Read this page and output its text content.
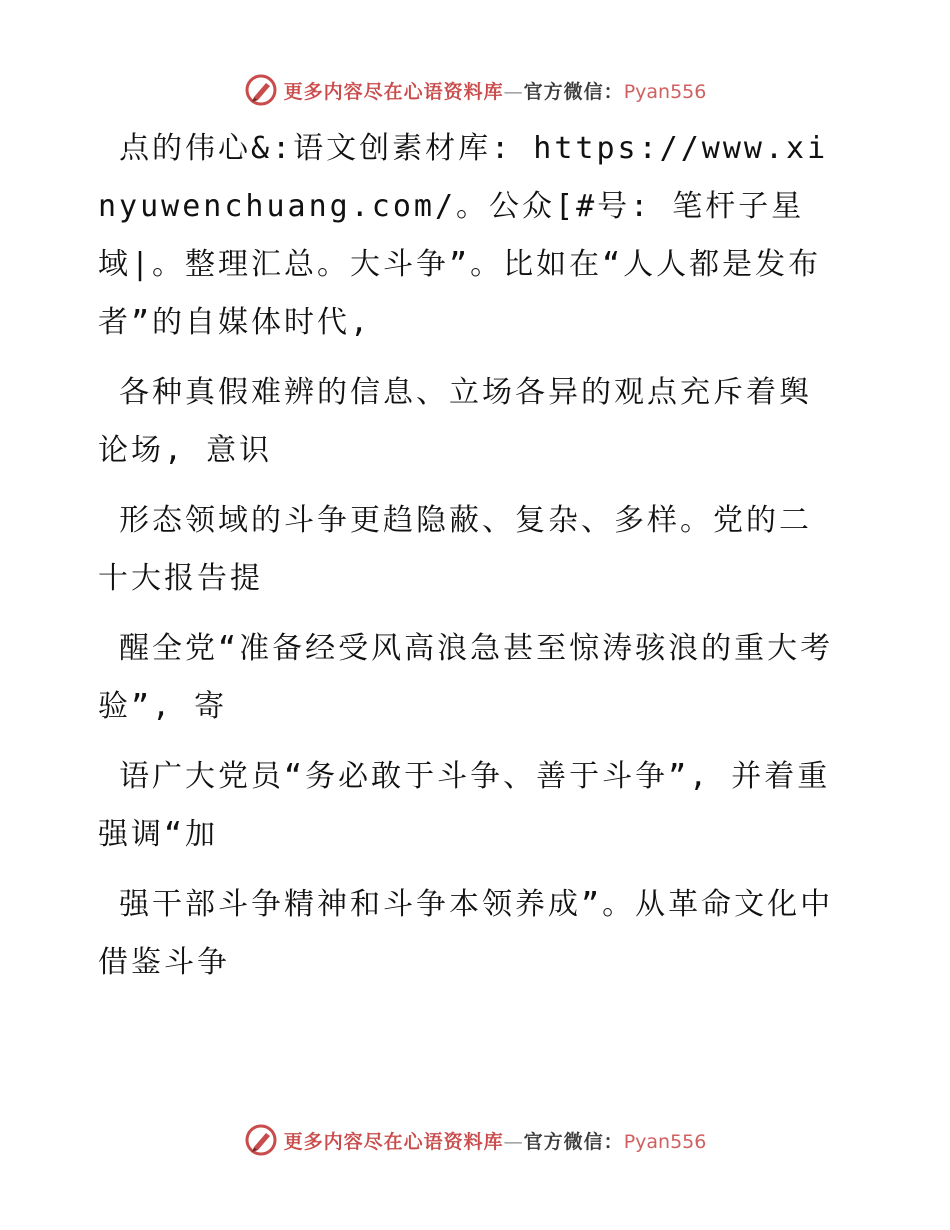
更多内容尽在心语资料库—官方微信：Pyan556

点的伟心&:语文创素材库: https://www.xinyuwenchuang.com/。公众[#号: 笔杆子星域|。整理汇总。大斗争”。比如在“人人都是发布者”的自媒体时代,

各种真假难辨的信息、立场各异的观点充斥着舆论场, 意识

形态领域的斗争更趋隐蔽、复杂、多样。党的二十大报告提

醒全党“准备经受风高浪急甚至惊涛骇浪的重大考验”, 寄

语广大党员“务必敢于斗争、善于斗争”, 并着重强调“加

强干部斗争精神和斗争本领养成”。从革命文化中借鉴斗争

更多内容尽在心语资料库—官方微信：Pyan556
